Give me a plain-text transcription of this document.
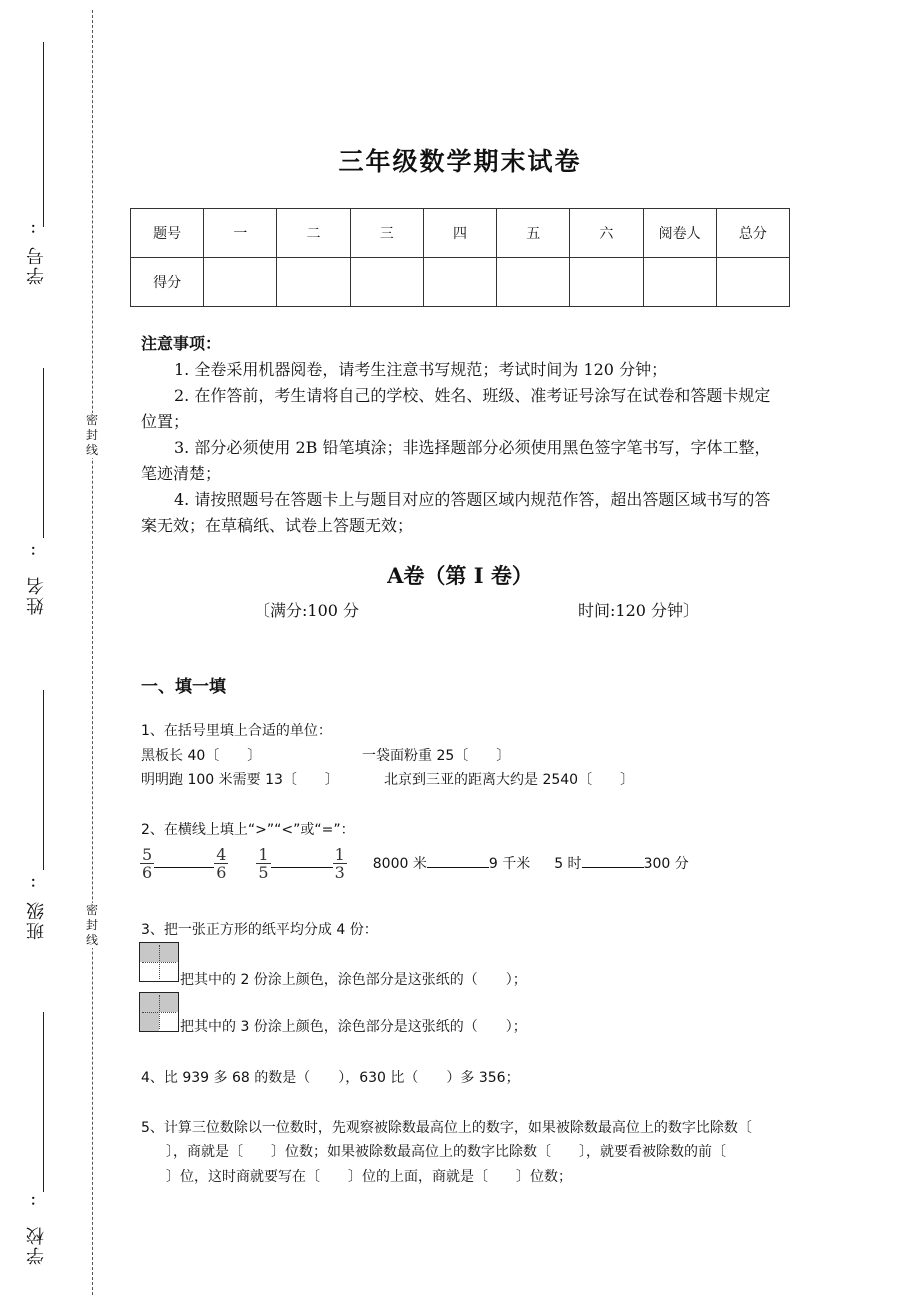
：
学号
：
姓名
：
班级
：
学校
密封线
密封线
三年级数学期末试卷
题号	一	二	三	四	五	六	阅卷人	总分
得分								

注意事项：

1. 全卷采用机器阅卷，请考生注意书写规范；考试时间为 120 分钟；

2. 在作答前，考生请将自己的学校、姓名、班级、准考证号涂写在试卷和答题卡规定位置；

3. 部分必须使用 2B 铅笔填涂；非选择题部分必须使用黑色签字笔书写，字体工整，笔迹清楚；

4. 请按照题号在答题卡上与题目对应的答题区域内规范作答，超出答题区域书写的答案无效；在草稿纸、试卷上答题无效；

A卷（第 I 卷）
〔满分:100 分	时间:120 分钟〕
一、填一填
1、在括号里填上合适的单位：
黑板长 40〔　　〕	一袋面粉重 25〔　　〕
明明跑 100 米需要 13〔　　〕	北京到三亚的距离大约是 2540〔　　〕
2、在横线上填上“>”“<”或“=”：
$\frac{5}{6}$	$\frac{4}{6} \frac{1}{5}$	$\frac{1}{3} 8000$ 米	9 千米 5 时	300 分
3、把一张正方形的纸平均分成 4 份：
把其中的 2 份涂上颜色，涂色部分是这张纸的（　　）；
把其中的 3 份涂上颜色，涂色部分是这张纸的（　　）；
4、比 939 多 68 的数是（　　），630 比（　　）多 356；
5、计算三位数除以一位数时，先观察被除数最高位上的数字，如果被除数最高位上的数字比除数〔
〕，商就是〔　　〕位数；如果被除数最高位上的数字比除数〔　　〕，就要看被除数的前〔
〕位，这时商就要写在〔　　〕位的上面，商就是〔　　〕位数；
